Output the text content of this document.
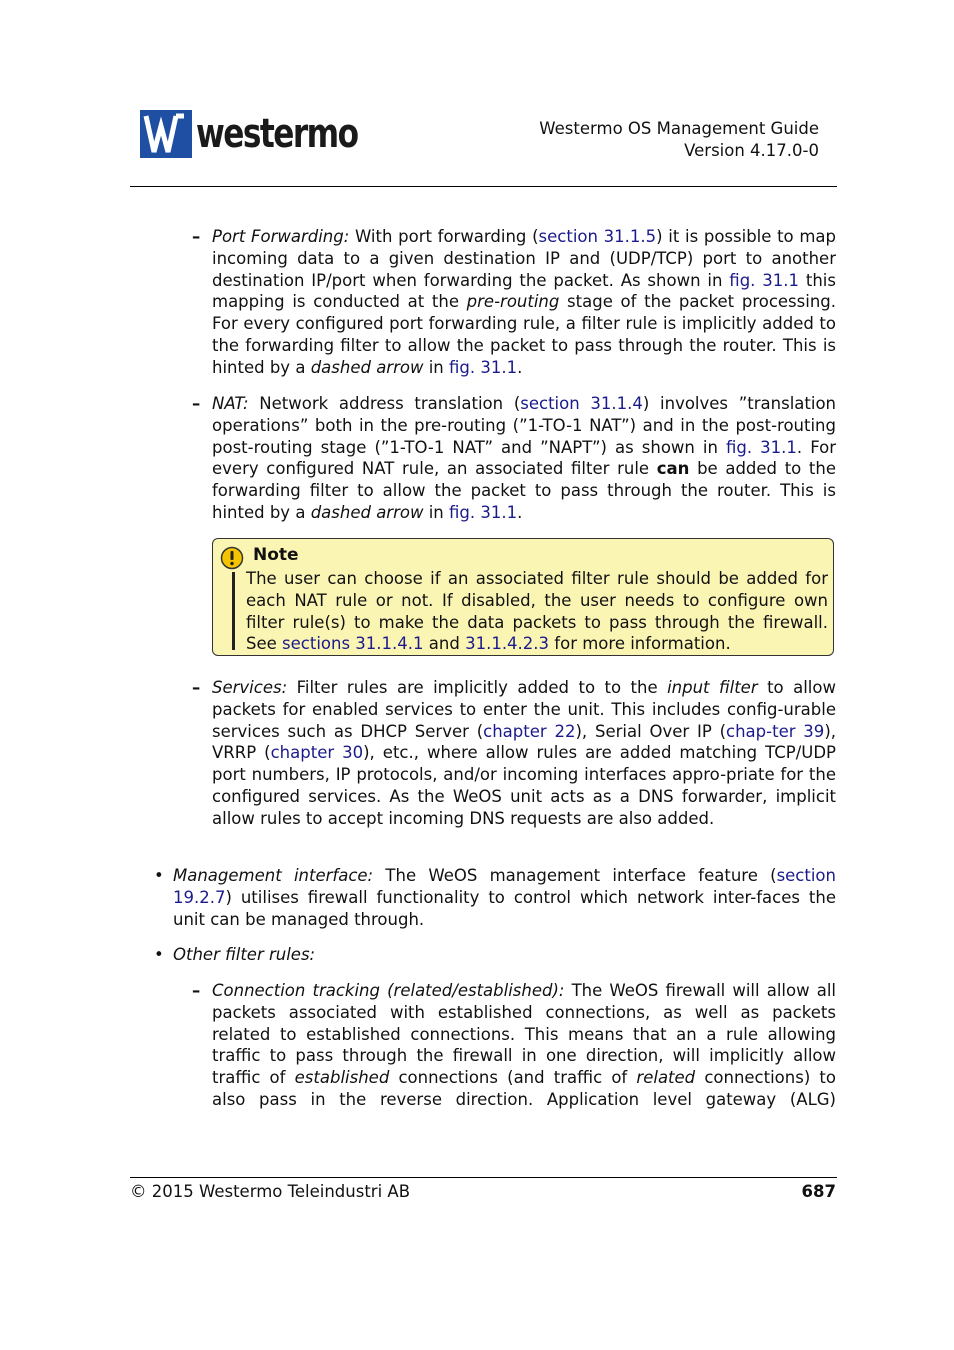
westermo	Westermo OS Management Guide
Version 4.17.0-0
– Port Forwarding: With port forwarding (section 31.1.5) it is possible to map incoming data to a given destination IP and (UDP/TCP) port to another destination IP/port when forwarding the packet. As shown in fig. 31.1 this mapping is conducted at the pre-routing stage of the packet processing. For every configured port forwarding rule, a filter rule is implicitly added to the forwarding filter to allow the packet to pass through the router. This is hinted by a dashed arrow in fig. 31.1.

– NAT: Network address translation (section 31.1.4) involves ”translation operations” both in the pre-routing (”1-TO-1 NAT”) and in the post-routing post-routing stage (”1-TO-1 NAT” and ”NAPT”) as shown in fig. 31.1. For every configured NAT rule, an associated filter rule can be added to the forwarding filter to allow the packet to pass through the router. This is hinted by a dashed arrow in fig. 31.1.

Note

The user can choose if an associated filter rule should be added for each NAT rule or not. If disabled, the user needs to configure own filter rule(s) to make the data packets to pass through the firewall. See sections 31.1.4.1 and 31.1.4.2.3 for more information.

– Services: Filter rules are implicitly added to to the input filter to allow packets for enabled services to enter the unit. This includes config-urable services such as DHCP Server (chapter 22), Serial Over IP (chap-ter 39), VRRP (chapter 30), etc., where allow rules are added matching TCP/UDP port numbers, IP protocols, and/or incoming interfaces appro-priate for the configured services. As the WeOS unit acts as a DNS forwarder, implicit allow rules to accept incoming DNS requests are also added.

• Management interface: The WeOS management interface feature (section 19.2.7) utilises firewall functionality to control which network inter-faces the unit can be managed through.

• Other filter rules:

– Connection tracking (related/established): The WeOS firewall will allow all packets associated with established connections, as well as packets related to established connections. This means that an a rule allowing traffic to pass through the firewall in one direction, will implicitly allow traffic of established connections (and traffic of related connections) to also pass in the reverse direction. Application level gateway (ALG)

© 2015 Westermo Teleindustri AB	687
